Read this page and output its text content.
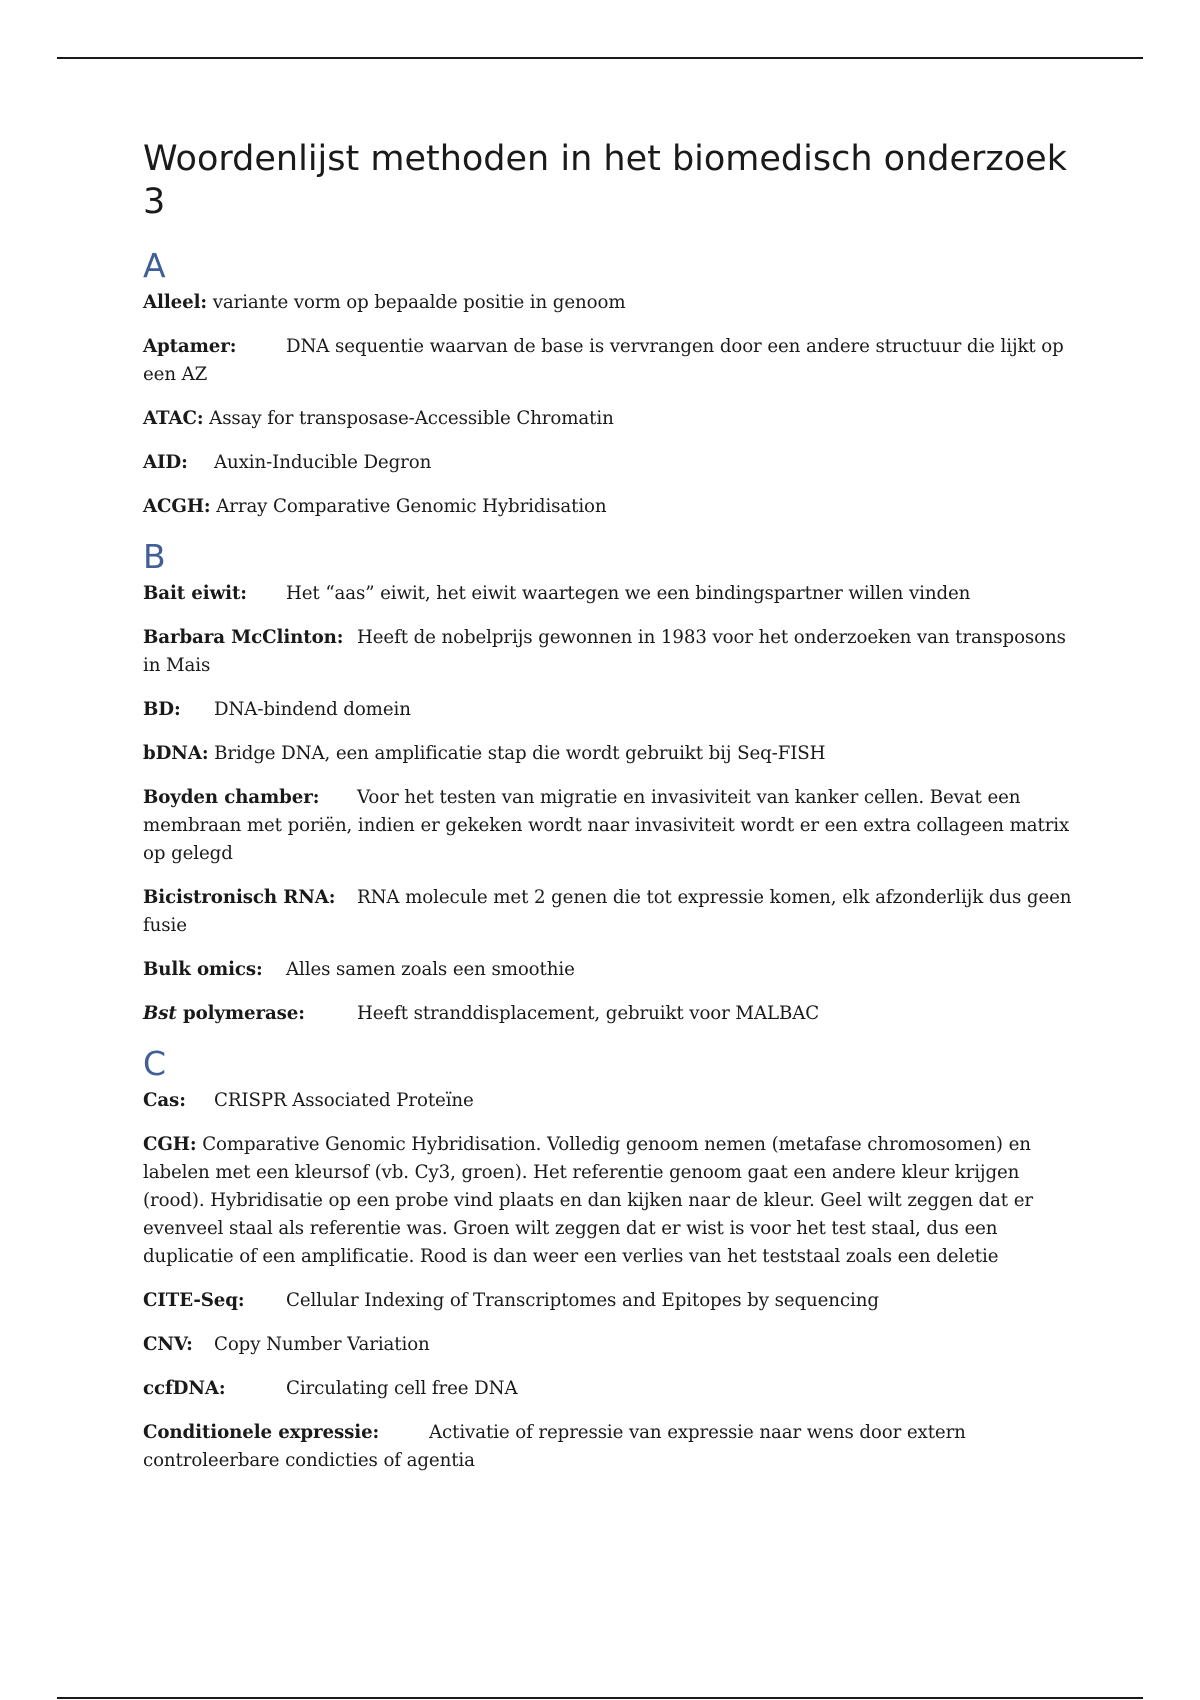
Woordenlijst methoden in het biomedisch onderzoek 3
A

Alleel: variante vorm op bepaalde positie in genoom

Aptamer:	DNA sequentie waarvan de base is vervrangen door een andere structuur die lijkt op een AZ

ATAC: Assay for transposase-Accessible Chromatin

AID: Auxin-Inducible Degron

ACGH: Array Comparative Genomic Hybridisation

B

Bait eiwit: Het “aas” eiwit, het eiwit waartegen we een bindingspartner willen vinden

Barbara McClinton: Heeft de nobelprijs gewonnen in 1983 voor het onderzoeken van transposons in Mais

BD: DNA-bindend domein

bDNA: Bridge DNA, een amplificatie stap die wordt gebruikt bij Seq-FISH

Boyden chamber: Voor het testen van migratie en invasiviteit van kanker cellen. Bevat een membraan met poriën, indien er gekeken wordt naar invasiviteit wordt er een extra collageen matrix op gelegd

Bicistronisch RNA: RNA molecule met 2 genen die tot expressie komen, elk afzonderlijk dus geen fusie

Bulk omics: Alles samen zoals een smoothie

Bst polymerase:	Heeft stranddisplacement, gebruikt voor MALBAC

C

Cas: CRISPR Associated Proteïne

CGH: Comparative Genomic Hybridisation. Volledig genoom nemen (metafase chromosomen) en labelen met een kleursof (vb. Cy3, groen). Het referentie genoom gaat een andere kleur krijgen (rood). Hybridisatie op een probe vind plaats en dan kijken naar de kleur. Geel wilt zeggen dat er evenveel staal als referentie was. Groen wilt zeggen dat er wist is voor het test staal, dus een duplicatie of een amplificatie. Rood is dan weer een verlies van het teststaal zoals een deletie

CITE-Seq: Cellular Indexing of Transcriptomes and Epitopes by sequencing

CNV: Copy Number Variation

ccfDNA:	Circulating cell free DNA

Conditionele expressie:	Activatie of repressie van expressie naar wens door extern controleerbare condicties of agentia
